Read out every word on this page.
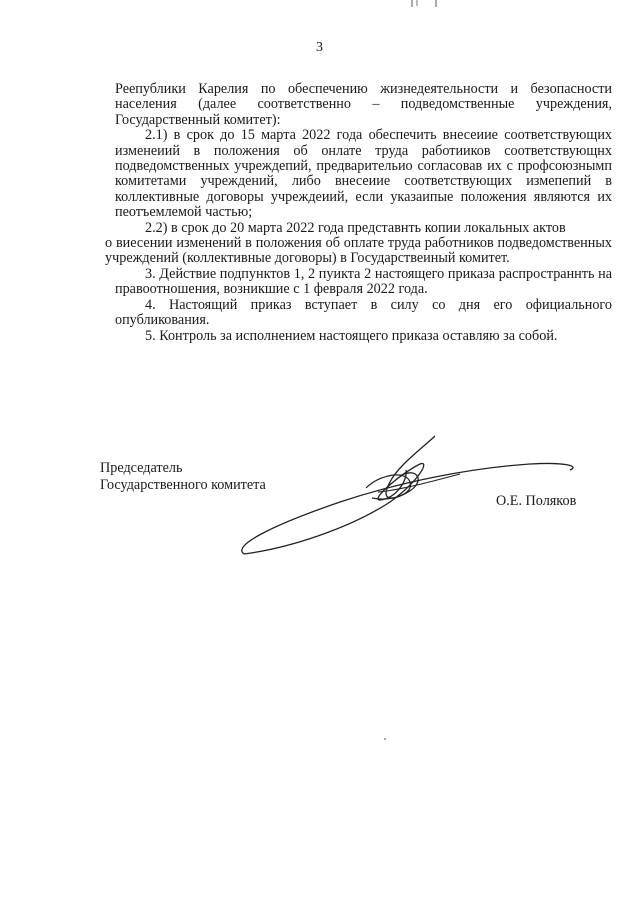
3

Реепублики Карелия по обеспечению жизнедеятельности и безопасности населения (далее соответственно – подведомственные учреждения, Государственный комитет):

2.1) в срок до 15 марта 2022 года обеспечить внесеиие соответствующих изменеиий в положения об онлате труда работииков соответствующнх подведомственных учреждепий, предварительио согласовав их с профсоюзнымп комитетами учреждений, либо внесеиие соответствующих измепепий в коллективные договоры учреждеиий, если указаипые положения являются их пеотъемлемой частью;

2.2) в срок до 20 марта 2022 года представнть копии локальных актов

о виесении изменений в положения об оплате труда работников подведомственных учреждений (коллективные договоры) в Государствеиный комитет.

3. Действие подпунктов 1, 2 пуикта 2 настоящего приказа распространнть на правоотношения, возникшие с 1 февраля 2022 года.

4. Настоящий приказ вступает в силу со дня его официального опубликования.

5. Контроль за исполнением настоящего приказа оставляю за собой.

Председатель
Государственного комитета
О.Е. Поляков
